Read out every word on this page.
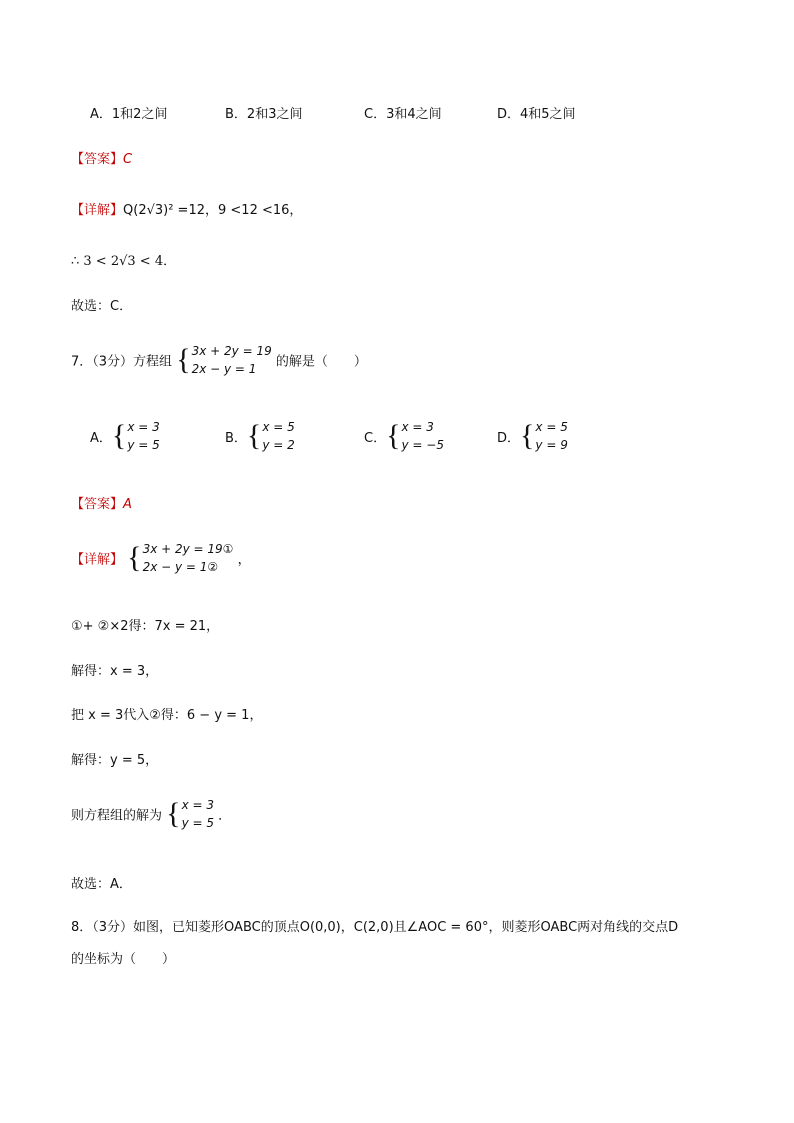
A．1和2之间	B．2和3之间	C．3和4之间	D．4和5之间
【答案】C
【详解】Q(2√3)² =12，9 <12 <16，
∴ 3 < 2√3 < 4．
故选：C．
7．（3分）方程组 { 3x + 2y = 19
2x − y = 1	的解是（　　）
A． { x = 3
y = 5	B． { x = 5
y = 2	C． { x = 3
y = −5	D． { x = 5
y = 9
【答案】A
【详解】 { 3x + 2y = 19①
2x − y = 1②	，
①+ ②×2得：7x = 21，
解得：x = 3，
把 x = 3代入②得：6 − y = 1，
解得：y = 5，
则方程组的解为 { x = 3
y = 5 ．
故选：A．
8．（3分）如图，已知菱形OABC的顶点O(0,0)，C(2,0)且∠AOC = 60°，则菱形OABC两对角线的交点D
的坐标为（　　）
